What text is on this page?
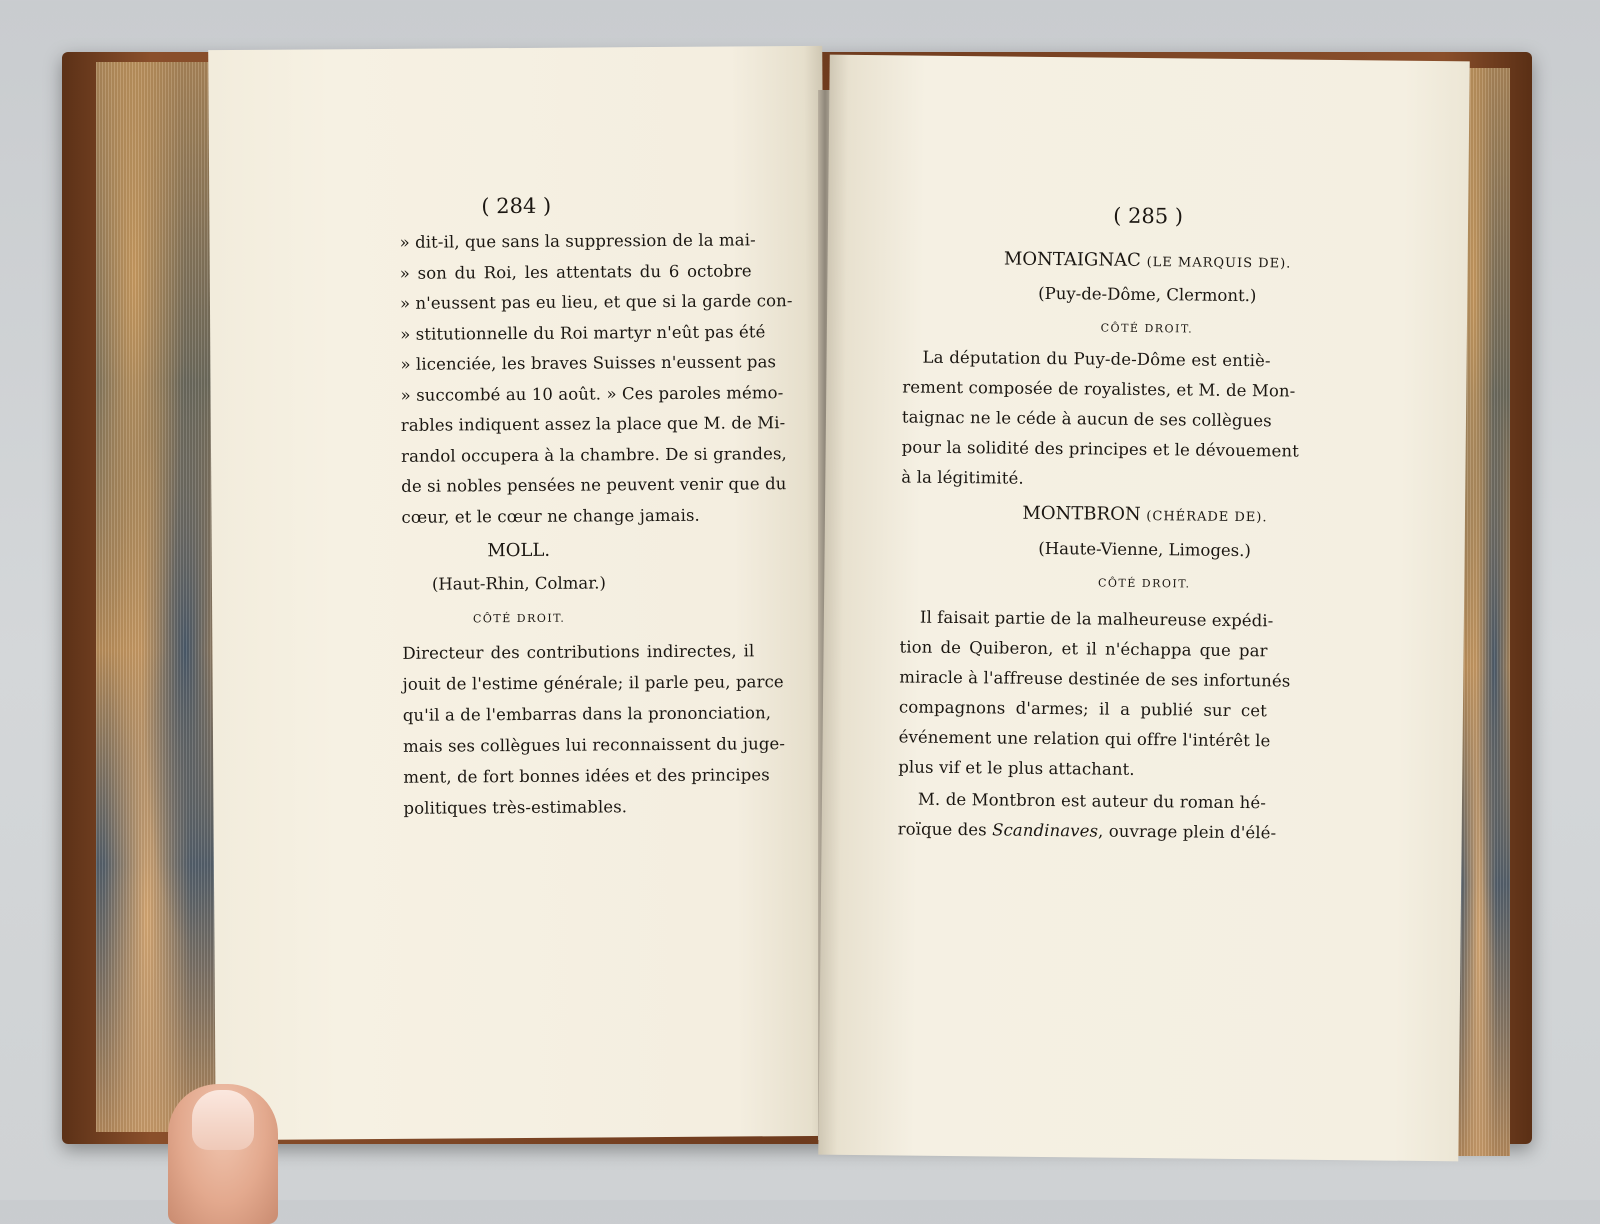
( 284 )
» dit-il, que sans la suppression de la mai-
» son du Roi, les attentats du 6 octobre
» n'eussent pas eu lieu, et que si la garde con-
» stitutionnelle du Roi martyr n'eût pas été
» licenciée, les braves Suisses n'eussent pas
» succombé au 10 août. » Ces paroles mémo-
rables indiquent assez la place que M. de Mi-
randol occupera à la chambre. De si grandes,
de si nobles pensées ne peuvent venir que du
cœur, et le cœur ne change jamais.
MOLL.
(Haut-Rhin, Colmar.)
CÔTÉ DROIT.
Directeur des contributions indirectes, il
jouit de l'estime générale; il parle peu, parce
qu'il a de l'embarras dans la prononciation,
mais ses collègues lui reconnaissent du juge-
ment, de fort bonnes idées et des principes
politiques très-estimables.
( 285 )
MONTAIGNAC (LE MARQUIS DE).
(Puy-de-Dôme, Clermont.)
CÔTÉ DROIT.
La députation du Puy-de-Dôme est entiè-
rement composée de royalistes, et M. de Mon-
taignac ne le céde à aucun de ses collègues
pour la solidité des principes et le dévouement
à la légitimité.
MONTBRON (CHÉRADE DE).
(Haute-Vienne, Limoges.)
CÔTÉ DROIT.
Il faisait partie de la malheureuse expédi-
tion de Quiberon, et il n'échappa que par
miracle à l'affreuse destinée de ses infortunés
compagnons d'armes; il a publié sur cet
événement une relation qui offre l'intérêt le
plus vif et le plus attachant.
M. de Montbron est auteur du roman hé-
roïque des Scandinaves, ouvrage plein d'élé-
